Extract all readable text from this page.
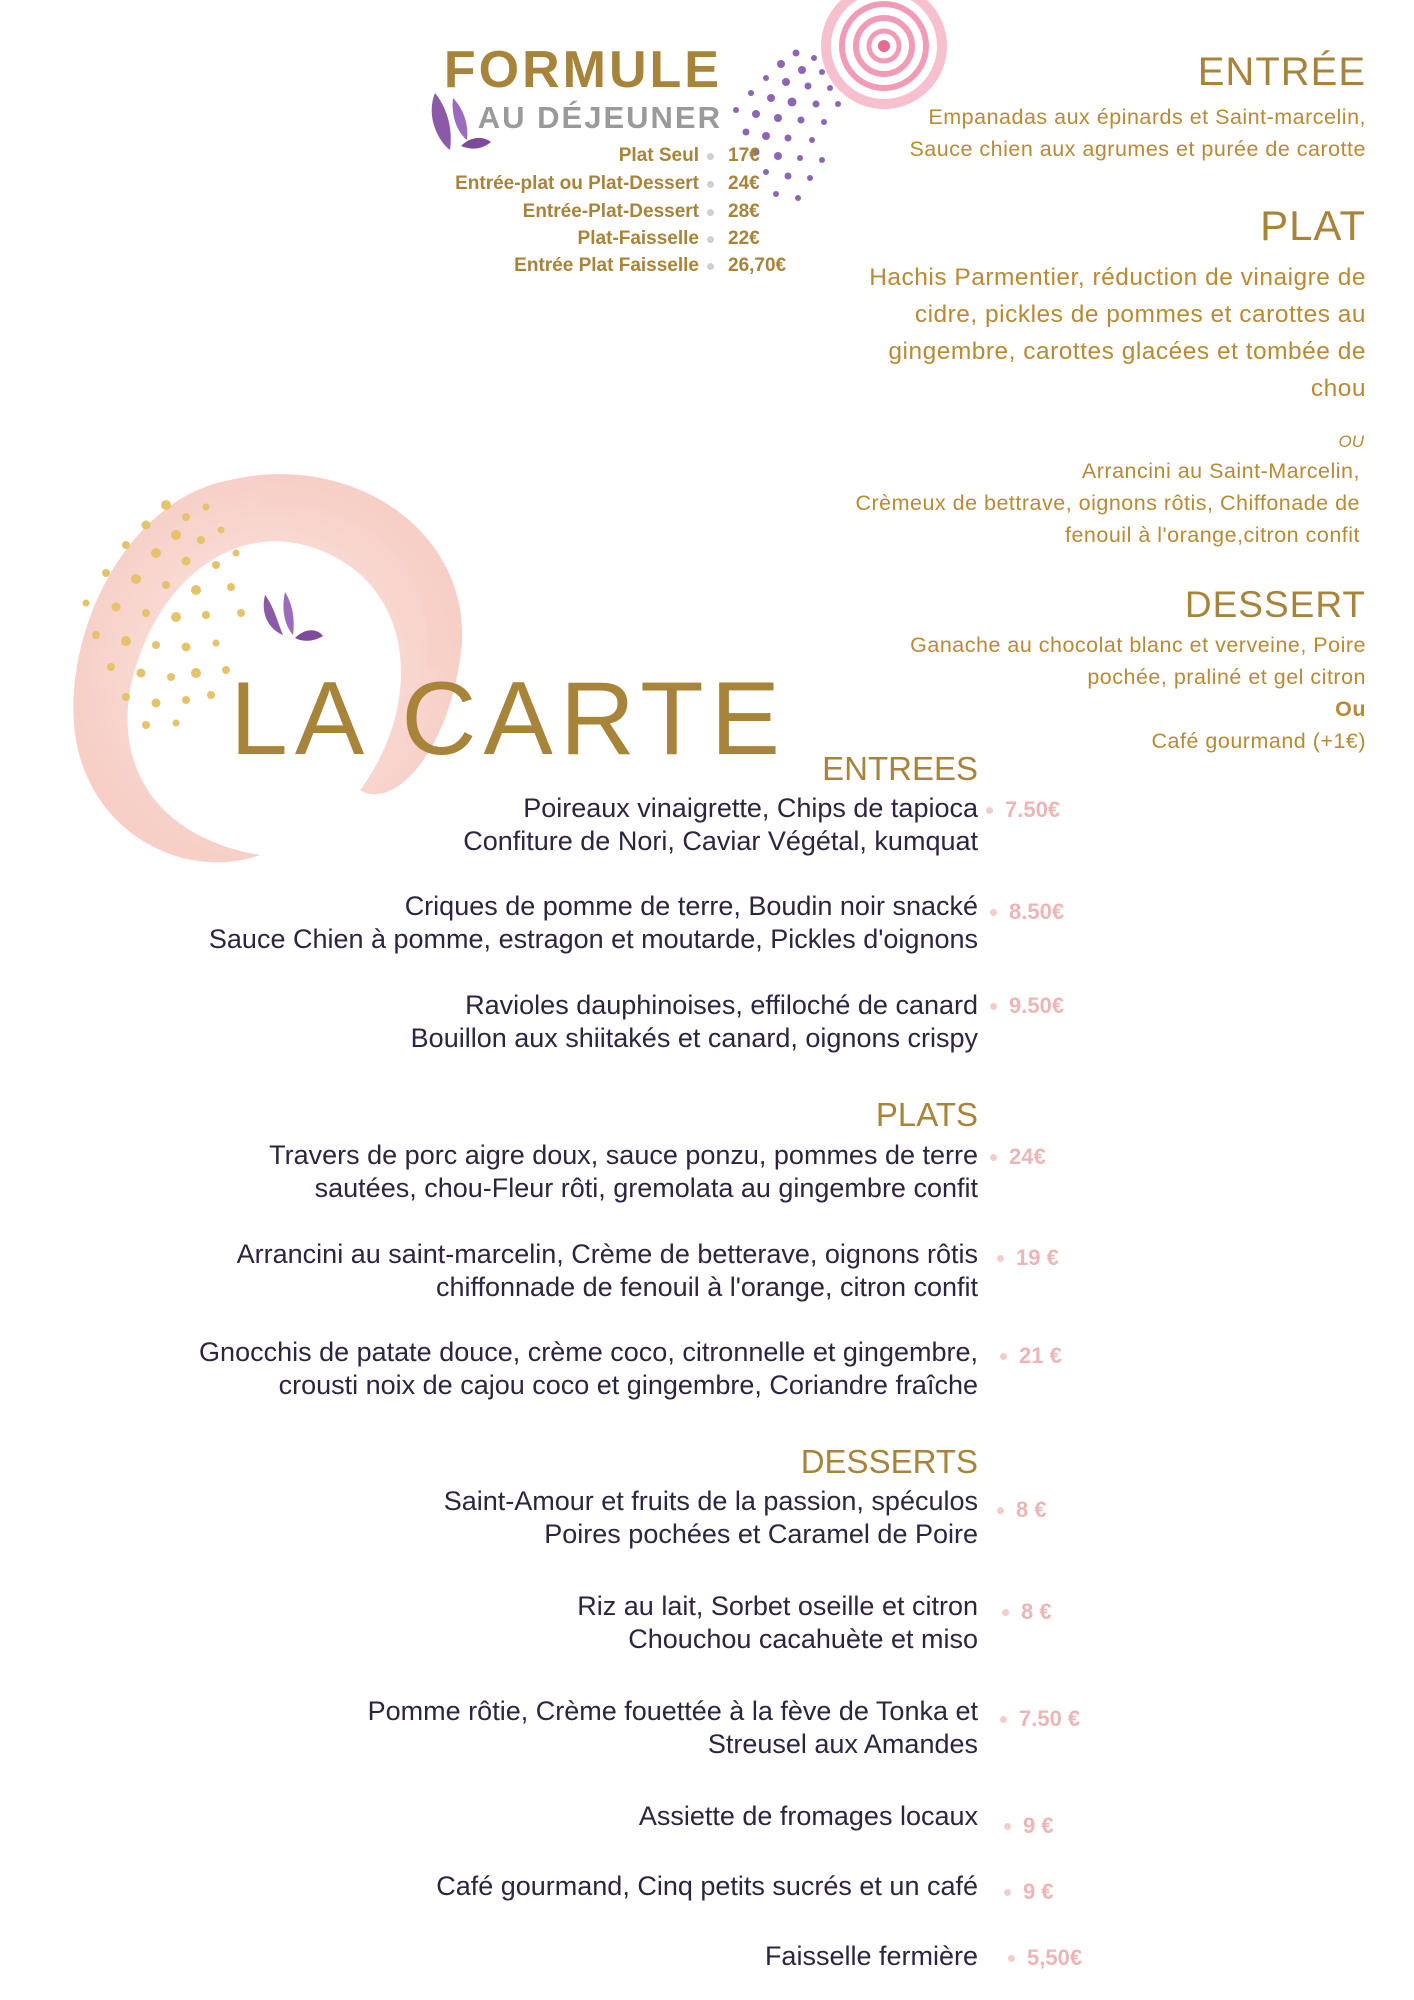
FORMULE
AU DÉJEUNER
Plat Seul 17€
Entrée-plat ou Plat-Dessert 24€
Entrée-Plat-Dessert 28€
Plat-Faisselle 22€
Entrée Plat Faisselle 26,70€
ENTRÉE
Empanadas aux épinards et Saint-marcelin,
Sauce chien aux agrumes et purée de carotte
PLAT
Hachis Parmentier, réduction de vinaigre de
cidre, pickles de pommes et carottes au
gingembre, carottes glacées et tombée de
chou
OU
Arrancini au Saint-Marcelin,
Crèmeux de bettrave, oignons rôtis, Chiffonade de
fenouil à l'orange,citron confit
DESSERT
Ganache au chocolat blanc et verveine, Poire
pochée, praliné et gel citron
Ou
Café gourmand (+1€)
LA CARTE ENTREES
Poireaux vinaigrette, Chips de tapioca
Confiture de Nori, Caviar Végétal, kumquat
7.50€
Criques de pomme de terre, Boudin noir snacké
Sauce Chien à pomme, estragon et moutarde, Pickles d'oignons
8.50€
Ravioles dauphinoises, effiloché de canard
Bouillon aux shiitakés et canard, oignons crispy
9.50€
PLATS
Travers de porc aigre doux, sauce ponzu, pommes de terre
sautées, chou-Fleur rôti, gremolata au gingembre confit
24€
Arrancini au saint-marcelin, Crème de betterave, oignons rôtis
chiffonnade de fenouil à l'orange, citron confit
19 €
Gnocchis de patate douce, crème coco, citronnelle et gingembre,
crousti noix de cajou coco et gingembre, Coriandre fraîche
21 €
DESSERTS
Saint-Amour et fruits de la passion, spéculos
Poires pochées et Caramel de Poire
8 €
Riz au lait, Sorbet oseille et citron
Chouchou cacahuète et miso
8 €
Pomme rôtie, Crème fouettée à la fève de Tonka et
Streusel aux Amandes
7.50 €
Assiette de fromages locaux 9 €
Café gourmand, Cinq petits sucrés et un café 9 €
Faisselle fermière 5,50€
